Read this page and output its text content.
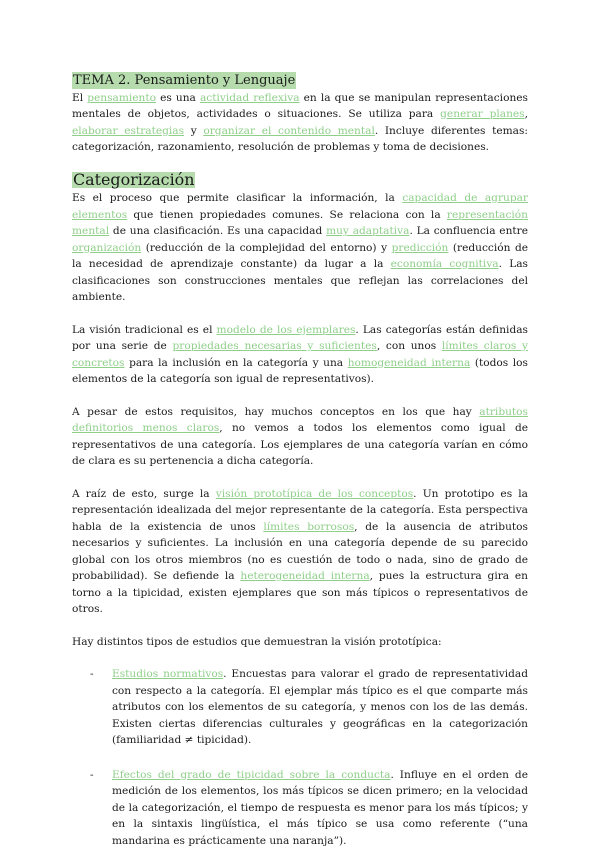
TEMA 2. Pensamiento y Lenguaje

El pensamiento es una actividad reflexiva en la que se manipulan representaciones mentales de objetos, actividades o situaciones. Se utiliza para generar planes, elaborar estrategias y organizar el contenido mental. Incluye diferentes temas: categorización, razonamiento, resolución de problemas y toma de decisiones.

Categorización

Es el proceso que permite clasificar la información, la capacidad de agrupar elementos que tienen propiedades comunes. Se relaciona con la representación mental de una clasificación. Es una capacidad muy adaptativa. La confluencia entre organización (reducción de la complejidad del entorno) y predicción (reducción de la necesidad de aprendizaje constante) da lugar a la economía cognitiva. Las clasificaciones son construcciones mentales que reflejan las correlaciones del ambiente.

La visión tradicional es el modelo de los ejemplares. Las categorías están definidas por una serie de propiedades necesarias y suficientes, con unos límites claros y concretos para la inclusión en la categoría y una homogeneidad interna (todos los elementos de la categoría son igual de representativos).

A pesar de estos requisitos, hay muchos conceptos en los que hay atributos definitorios menos claros, no vemos a todos los elementos como igual de representativos de una categoría. Los ejemplares de una categoría varían en cómo de clara es su pertenencia a dicha categoría.

A raíz de esto, surge la visión prototípica de los conceptos. Un prototipo es la representación idealizada del mejor representante de la categoría. Esta perspectiva habla de la existencia de unos límites borrosos, de la ausencia de atributos necesarios y suficientes. La inclusión en una categoría depende de su parecido global con los otros miembros (no es cuestión de todo o nada, sino de grado de probabilidad). Se defiende la heterogeneidad interna, pues la estructura gira en torno a la tipicidad, existen ejemplares que son más típicos o representativos de otros.

Hay distintos tipos de estudios que demuestran la visión prototípica:

- Estudios normativos. Encuestas para valorar el grado de representatividad con respecto a la categoría. El ejemplar más típico es el que comparte más atributos con los elementos de su categoría, y menos con los de las demás. Existen ciertas diferencias culturales y geográficas en la categorización (familiaridad ≠ tipicidad).
- Efectos del grado de tipicidad sobre la conducta. Influye en el orden de medición de los elementos, los más típicos se dicen primero; en la velocidad de la categorización, el tiempo de respuesta es menor para los más típicos; y en la sintaxis lingüística, el más típico se usa como referente (“una mandarina es prácticamente una naranja”).
